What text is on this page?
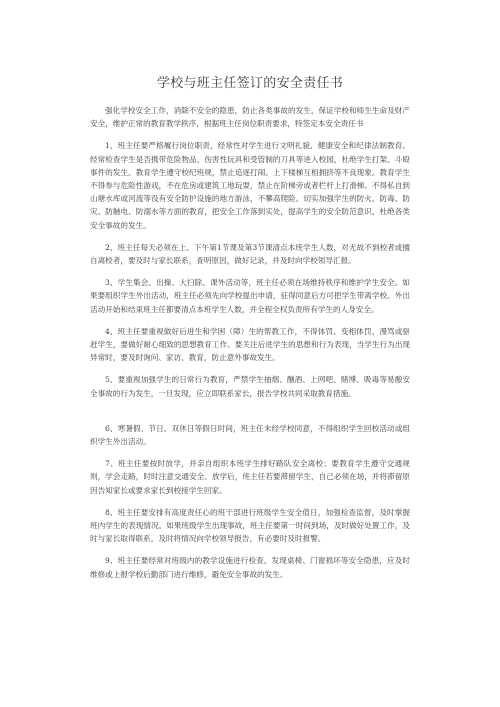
学校与班主任签订的安全责任书

强化学校安全工作，消除不安全的隐患，防止各类事故的发生，保证学校和师生生命及财产安全，维护正常的教育教学秩序，根据班主任岗位职责要求，特签定本安全责任书

1、班主任要严格履行岗位职责，经常性对学生进行文明礼貌、健康安全和纪律法制教育。经常检查学生是否携带危险物品、伤害性玩具和受管制的刀具等进入校园，杜绝学生打架、斗殴事件的发生。教育学生遵守校纪班规，禁止追逐打闹、上下楼梯互相拥挤等不良现象。教育学生不得参与危险性游戏，不在危房或建筑工地玩耍，禁止在阶梯旁或者栏杆上打滑梯。不得私自到山塘水库或河流等没有安全防护设施的地方游泳，不攀高爬险。切实加强学生的防火、防毒、防灾、防触电、防溺水等方面的教育，把安全工作落到实处，提高学生的安全防范意识，杜绝各类安全事故的发生。

2、班主任每天必须在上、下午第1节课及第3节课清点本班学生人数，对无故不到校者或擅自离校者，要及时与家长联系，查明原因，做好记录，并及时向学校领导汇报。

3、学生集会、出操、大扫除、课外活动等，班主任必须在场维持秩序和维护学生安全。如果要组织学生外出活动，班主任必须先向学校提出申请，征得同意后方可把学生带离学校。外出活动开始和结束班主任都要清点本班学生人数，并全程全权负责所有学生的人身安全。

4、班主任要重视做好后进生和学困（障）生的帮教工作，不得体罚、变相体罚、漫骂或驱赶学生，要做好耐心细致的思想教育工作。要关注后进学生的思想和行为表现，当学生行为出现异常时，要及时询问、家访、教育，防止意外事故发生。

5、要重视加强学生的日常行为教育，严禁学生抽烟、酗酒、上网吧、赌博、吸毒等易酿安全事故的行为发生，一旦发现，应立即联系家长，报告学校共同采取教育措施。

6、寒暑假、节日、双休日等假日时间，班主任未经学校同意，不得组织学生回校活动或组织学生外出活动。

7、班主任要按时放学，并亲自组织本班学生排好路队安全离校；要教育学生遵守交通规则，学会走路，时时注意交通安全。放学后，班主任若要滞留学生，自己必须在场，并将滞留原因告知家长或要求家长到校接学生回家。

8、班主任要安排有高度责任心的班干部进行班级学生安全值日，加强检查监督，及时掌握班内学生的表现情况。如果班级学生出现事故，班主任要第一时间到场，及时做好处置工作，及时与家长取得联系，及时将情况向学校领导报告，有必要时及时报警。

9、班主任要经常对班级内的教学设施进行检查，发现桌椅、门窗损坏等安全隐患，应及时维修或上报学校后勤部门进行维修，避免安全事故的发生。
